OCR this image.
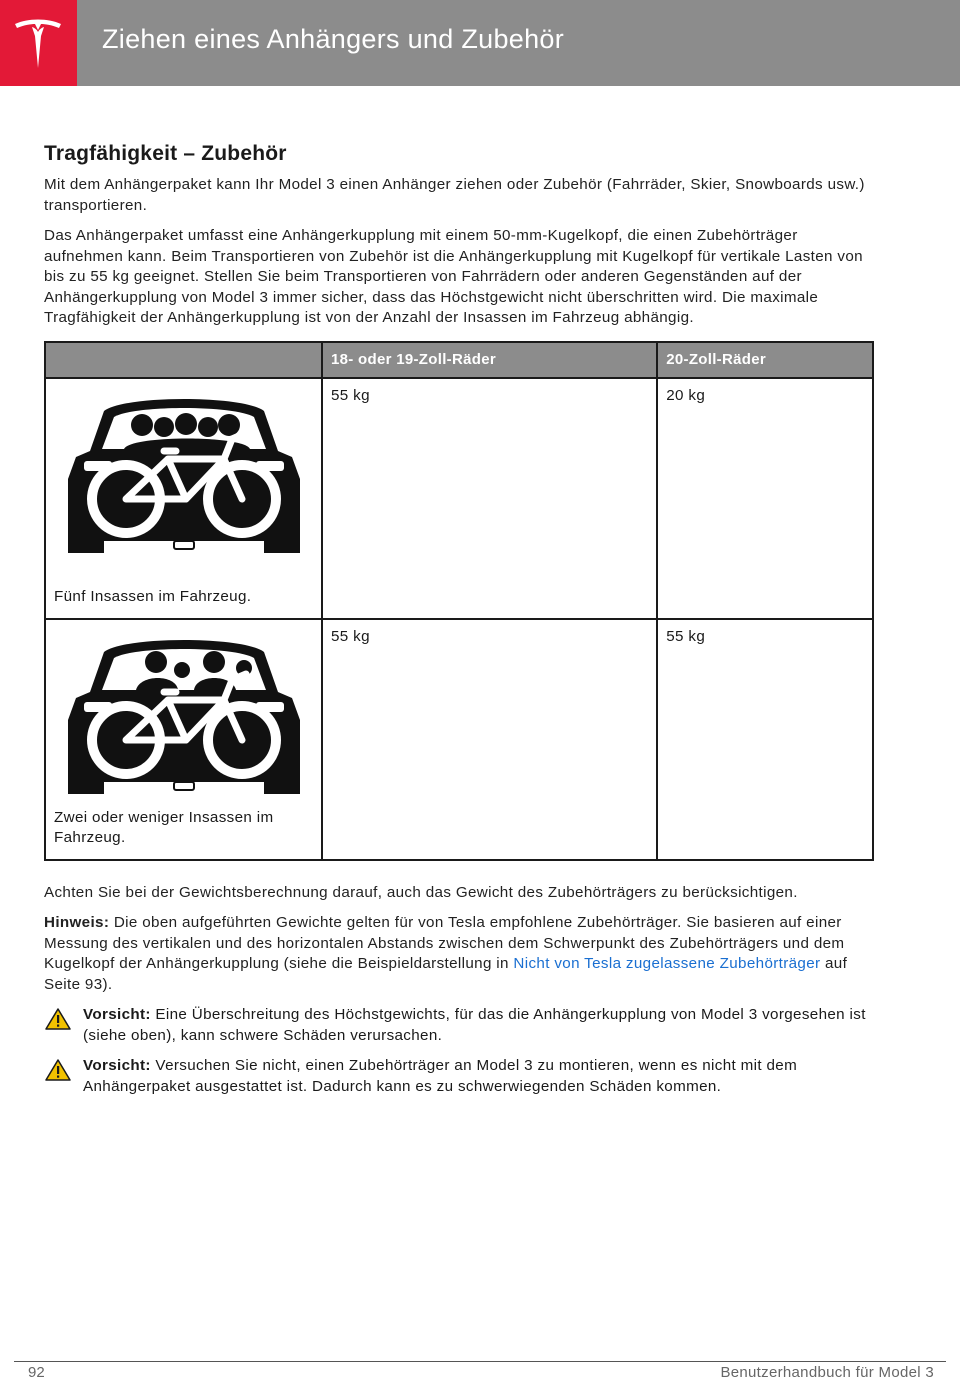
Ziehen eines Anhängers und Zubehör
Tragfähigkeit – Zubehör

Mit dem Anhängerpaket kann Ihr Model 3 einen Anhänger ziehen oder Zubehör (Fahrräder, Skier, Snowboards usw.) transportieren.

Das Anhängerpaket umfasst eine Anhängerkupplung mit einem 50-mm-Kugelkopf, die einen Zubehörträger aufnehmen kann. Beim Transportieren von Zubehör ist die Anhängerkupplung mit Kugelkopf für vertikale Lasten von bis zu 55 kg geeignet. Stellen Sie beim Transportieren von Fahrrädern oder anderen Gegenständen auf der Anhängerkupplung von Model 3 immer sicher, dass das Höchstgewicht nicht überschritten wird. Die maximale Tragfähigkeit der Anhängerkupplung ist von der Anzahl der Insassen im Fahrzeug abhängig.

	18- oder 19-Zoll-Räder	20-Zoll-Räder

Fünf Insassen im Fahrzeug.	55 kg	20 kg

Zwei oder weniger Insassen im Fahrzeug.	55 kg	55 kg

Achten Sie bei der Gewichtsberechnung darauf, auch das Gewicht des Zubehörträgers zu berücksichtigen.

Hinweis: Die oben aufgeführten Gewichte gelten für von Tesla empfohlene Zubehörträger. Sie basieren auf einer Messung des vertikalen und des horizontalen Abstands zwischen dem Schwerpunkt des Zubehörträgers und dem Kugelkopf der Anhängerkupplung (siehe die Beispieldarstellung in Nicht von Tesla zugelassene Zubehörträger auf Seite 93).

Vorsicht: Eine Überschreitung des Höchstgewichts, für das die Anhängerkupplung von Model 3 vorgesehen ist (siehe oben), kann schwere Schäden verursachen.
Vorsicht: Versuchen Sie nicht, einen Zubehörträger an Model 3 zu montieren, wenn es nicht mit dem Anhängerpaket ausgestattet ist. Dadurch kann es zu schwerwiegenden Schäden kommen.
92	Benutzerhandbuch für Model 3
